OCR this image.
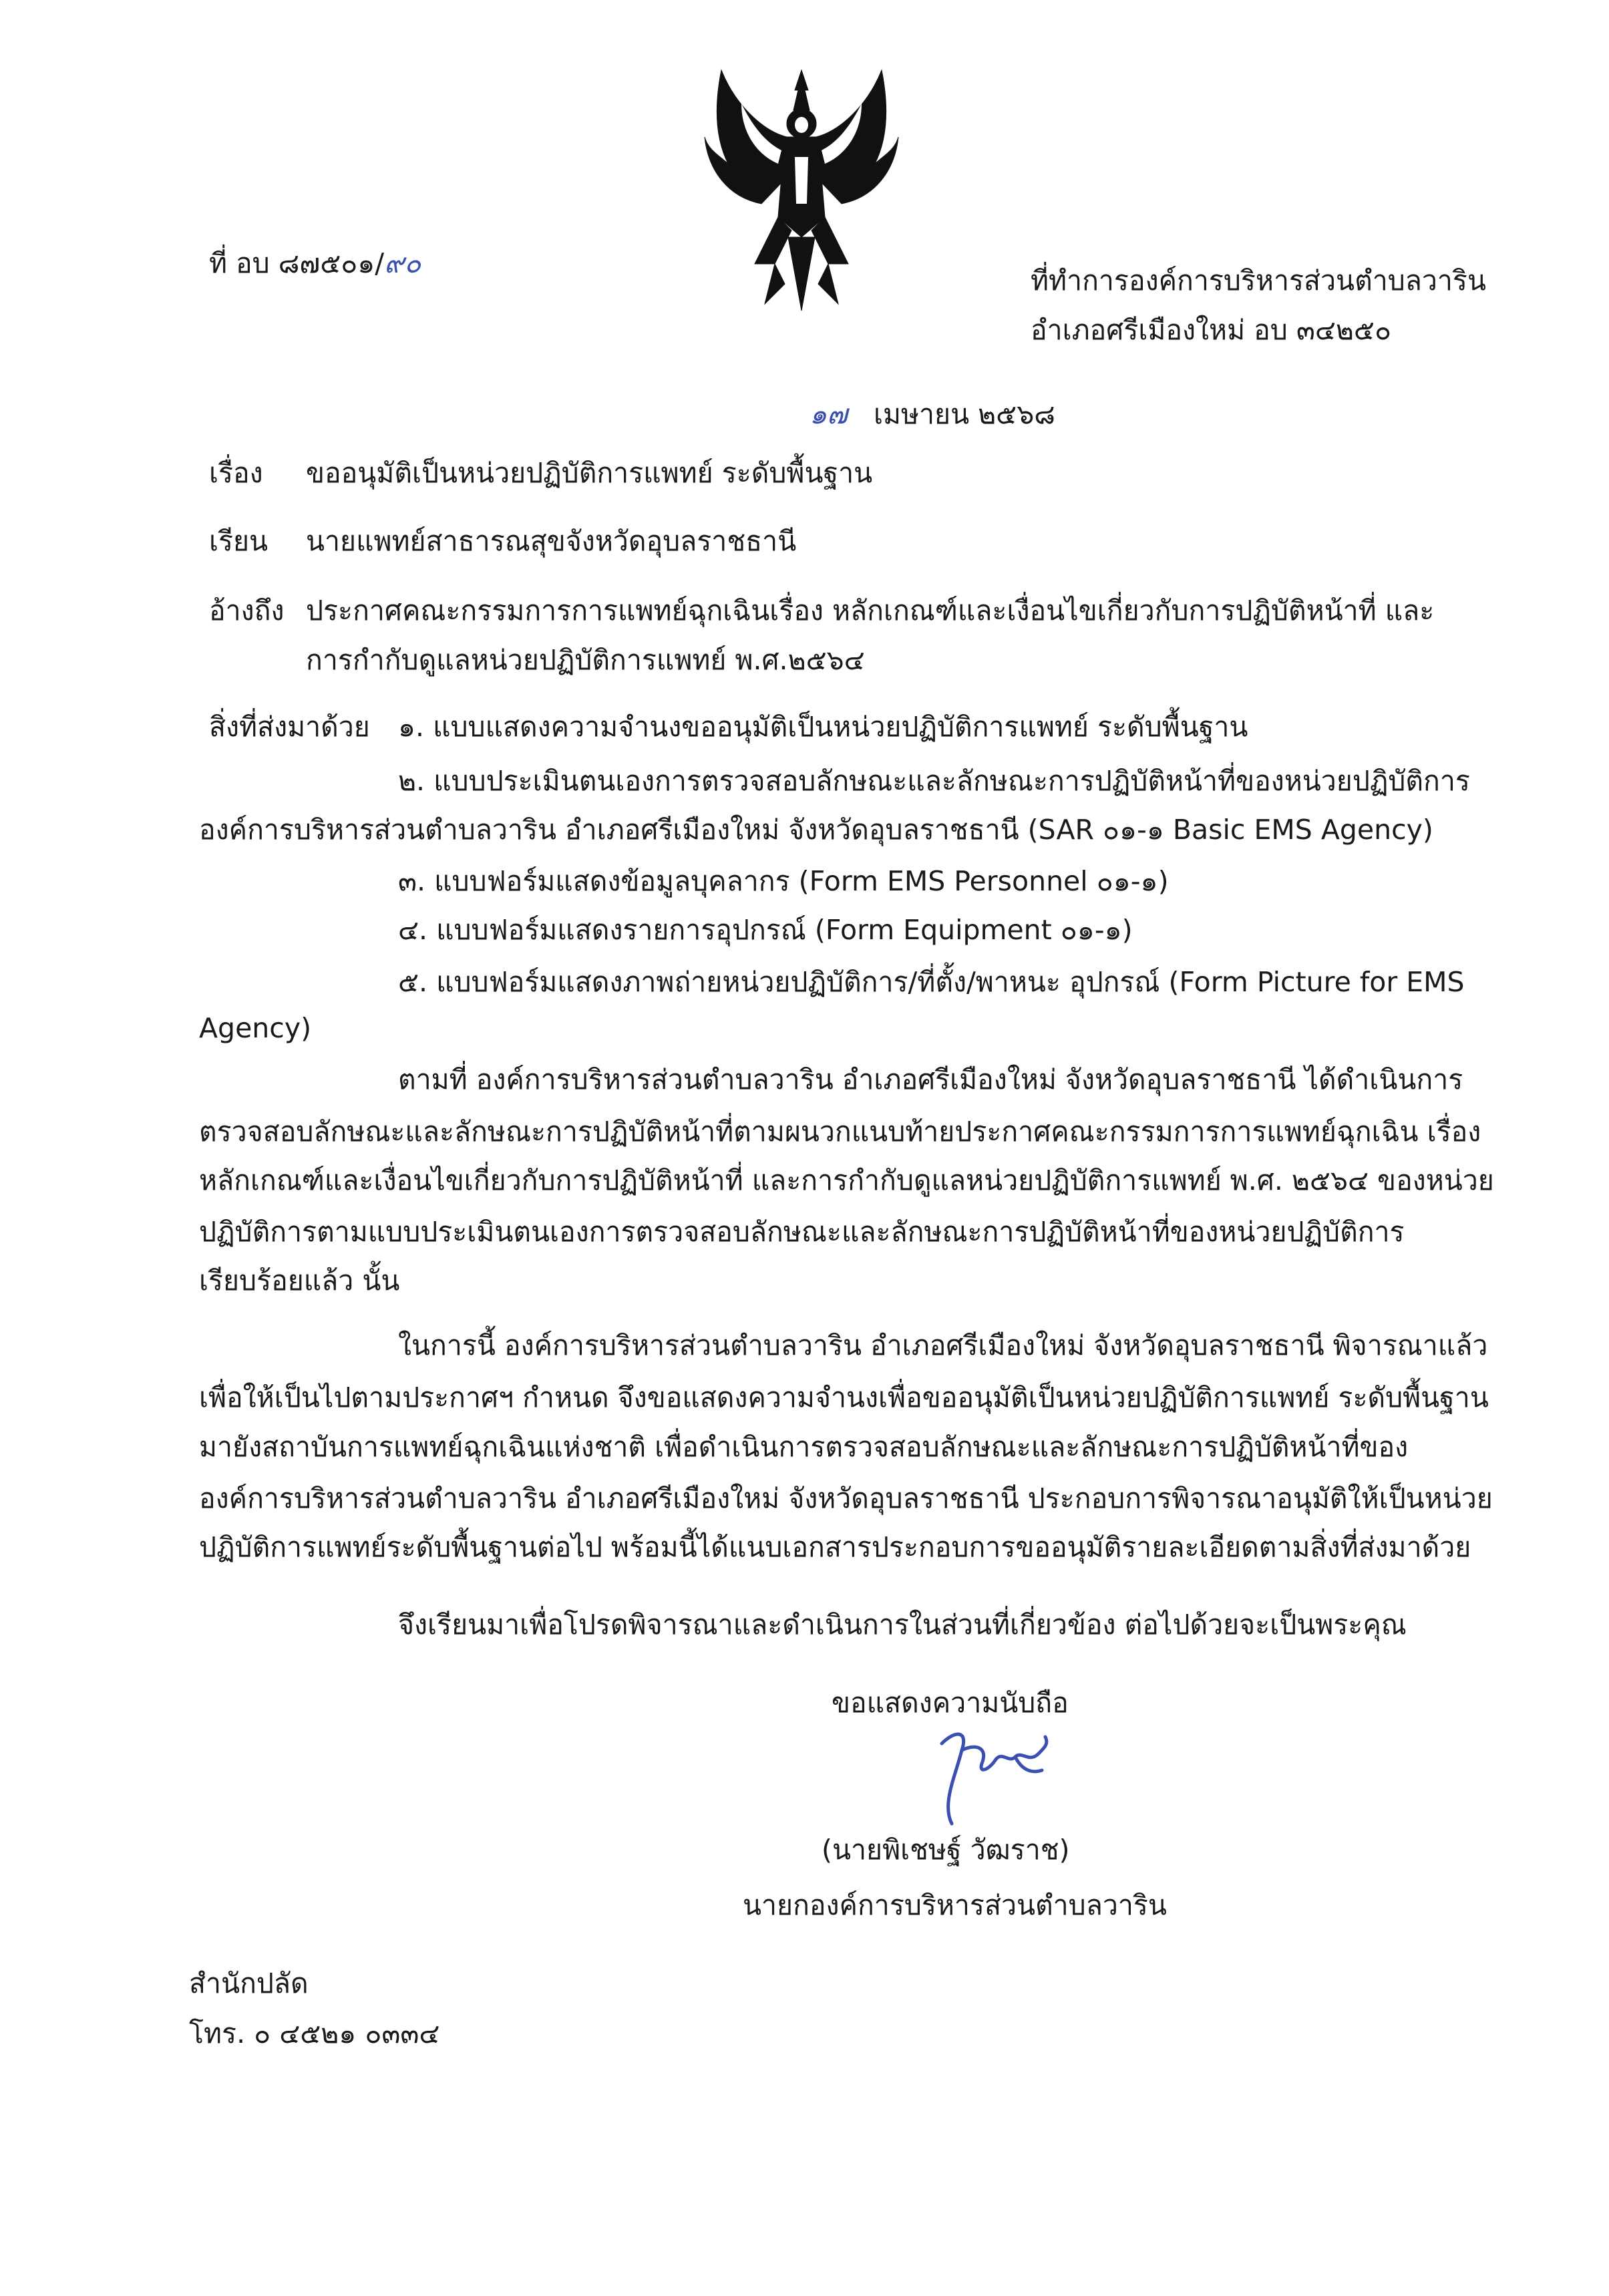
ที่ อบ ๘๗๕๐๑/๙๐
ที่ทำการองค์การบริหารส่วนตำบลวาริน
อำเภอศรีเมืองใหม่ อบ ๓๔๒๕๐
๑๗ เมษายน ๒๕๖๘
เรื่อง ขออนุมัติเป็นหน่วยปฏิบัติการแพทย์ ระดับพื้นฐาน
เรียน นายแพทย์สาธารณสุขจังหวัดอุบลราชธานี
อ้างถึง ประกาศคณะกรรมการการแพทย์ฉุกเฉินเรื่อง หลักเกณฑ์และเงื่อนไขเกี่ยวกับการปฏิบัติหน้าที่ และ
การกำกับดูแลหน่วยปฏิบัติการแพทย์ พ.ศ.๒๕๖๔
สิ่งที่ส่งมาด้วย ๑. แบบแสดงความจำนงขออนุมัติเป็นหน่วยปฏิบัติการแพทย์ ระดับพื้นฐาน
๒. แบบประเมินตนเองการตรวจสอบลักษณะและลักษณะการปฏิบัติหน้าที่ของหน่วยปฏิบัติการ
องค์การบริหารส่วนตำบลวาริน อำเภอศรีเมืองใหม่ จังหวัดอุบลราชธานี (SAR ๐๑-๑ Basic EMS Agency)
๓. แบบฟอร์มแสดงข้อมูลบุคลากร (Form EMS Personnel ๐๑-๑)
๔. แบบฟอร์มแสดงรายการอุปกรณ์ (Form Equipment ๐๑-๑)
๕. แบบฟอร์มแสดงภาพถ่ายหน่วยปฏิบัติการ/ที่ตั้ง/พาหนะ อุปกรณ์ (Form Picture for EMS
Agency)
ตามที่ องค์การบริหารส่วนตำบลวาริน อำเภอศรีเมืองใหม่ จังหวัดอุบลราชธานี ได้ดำเนินการ
ตรวจสอบลักษณะและลักษณะการปฏิบัติหน้าที่ตามผนวกแนบท้ายประกาศคณะกรรมการการแพทย์ฉุกเฉิน เรื่อง
หลักเกณฑ์และเงื่อนไขเกี่ยวกับการปฏิบัติหน้าที่ และการกำกับดูแลหน่วยปฏิบัติการแพทย์ พ.ศ. ๒๕๖๔ ของหน่วย
ปฏิบัติการตามแบบประเมินตนเองการตรวจสอบลักษณะและลักษณะการปฏิบัติหน้าที่ของหน่วยปฏิบัติการ
เรียบร้อยแล้ว นั้น
ในการนี้ องค์การบริหารส่วนตำบลวาริน อำเภอศรีเมืองใหม่ จังหวัดอุบลราชธานี พิจารณาแล้ว
เพื่อให้เป็นไปตามประกาศฯ กำหนด จึงขอแสดงความจำนงเพื่อขออนุมัติเป็นหน่วยปฏิบัติการแพทย์ ระดับพื้นฐาน
มายังสถาบันการแพทย์ฉุกเฉินแห่งชาติ เพื่อดำเนินการตรวจสอบลักษณะและลักษณะการปฏิบัติหน้าที่ของ
องค์การบริหารส่วนตำบลวาริน อำเภอศรีเมืองใหม่ จังหวัดอุบลราชธานี ประกอบการพิจารณาอนุมัติให้เป็นหน่วย
ปฏิบัติการแพทย์ระดับพื้นฐานต่อไป พร้อมนี้ได้แนบเอกสารประกอบการขออนุมัติรายละเอียดตามสิ่งที่ส่งมาด้วย
จึงเรียนมาเพื่อโปรดพิจารณาและดำเนินการในส่วนที่เกี่ยวข้อง ต่อไปด้วยจะเป็นพระคุณ
ขอแสดงความนับถือ
(นายพิเชษฐ์ วัฒราช)
นายกองค์การบริหารส่วนตำบลวาริน
สำนักปลัด
โทร. ๐ ๔๕๒๑ ๐๓๓๔
